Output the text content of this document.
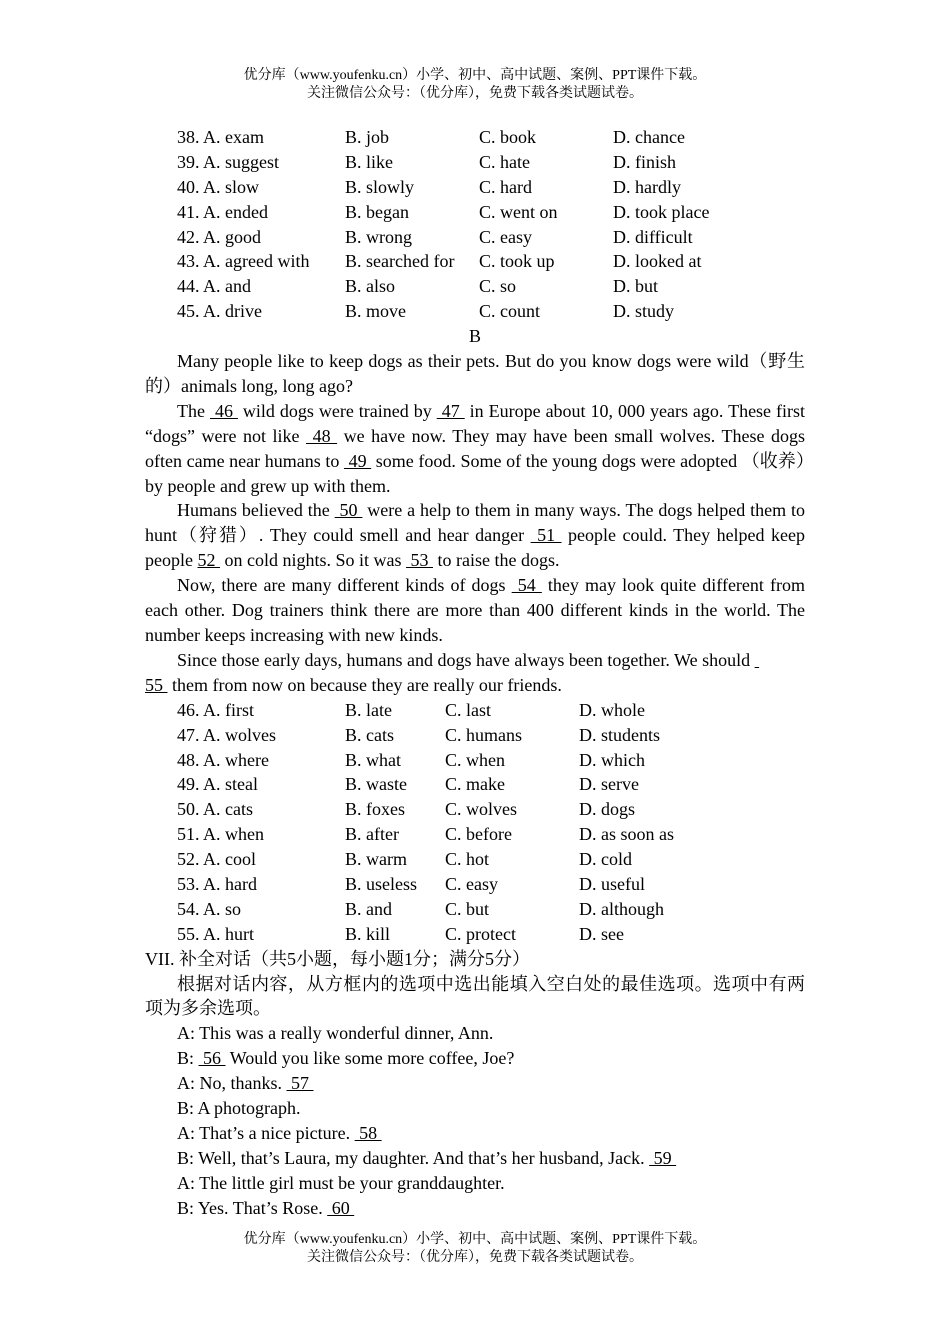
优分库（www.youfenku.cn）小学、初中、高中试题、案例、PPT课件下载。
关注微信公众号：（优分库），免费下载各类试题试卷。
38. A. exam	B. job	C. book	D. chance
39. A. suggest	B. like	C. hate	D. finish
40. A. slow	B. slowly	C. hard	D. hardly
41. A. ended	B. began	C. went on	D. took place
42. A. good	B. wrong	C. easy	D. difficult
43. A. agreed with	B. searched for	C. took up	D. looked at
44. A. and	B. also	C. so	D. but
45. A. drive	B. move	C. count	D. study
B

Many people like to keep dogs as their pets. But do you know dogs were wild（野生的）animals long, long ago?

The  46  wild dogs were trained by  47  in Europe about 10, 000 years ago. These first “dogs” were not like  48  we have now. They may have been small wolves. These dogs often came near humans to  49  some food. Some of the young dogs were adopted （收养）by people and grew up with them.

Humans believed the  50  were a help to them in many ways. The dogs helped them to hunt（狩猎）. They could smell and hear danger  51  people could. They helped keep people 52  on cold nights. So it was  53  to raise the dogs.

Now, there are many different kinds of dogs  54  they may look quite different from each other. Dog trainers think there are more than 400 different kinds in the world. The number keeps increasing with new kinds.

Since those early days, humans and dogs have always been together. We should
55  them from now on because they are really our friends.

46. A. first	B. late	C. last	D. whole
47. A. wolves	B. cats	C. humans	D. students
48. A. where	B. what	C. when	D. which
49. A. steal	B. waste	C. make	D. serve
50. A. cats	B. foxes	C. wolves	D. dogs
51. A. when	B. after	C. before	D. as soon as
52. A. cool	B. warm	C. hot	D. cold
53. A. hard	B. useless	C. easy	D. useful
54. A. so	B. and	C. but	D. although
55. A. hurt	B. kill	C. protect	D. see
VII. 补全对话（共5小题，每小题1分；满分5分）

根据对话内容，从方框内的选项中选出能填入空白处的最佳选项。选项中有两项为多余选项。

A: This was a really wonderful dinner, Ann.
B:  56  Would you like some more coffee, Joe?
A: No, thanks.  57
B: A photograph.
A: That’s a nice picture.  58
B: Well, that’s Laura, my daughter. And that’s her husband, Jack.  59
A: The little girl must be your granddaughter.
B: Yes. That’s Rose.  60
优分库（www.youfenku.cn）小学、初中、高中试题、案例、PPT课件下载。
关注微信公众号：（优分库），免费下载各类试题试卷。
